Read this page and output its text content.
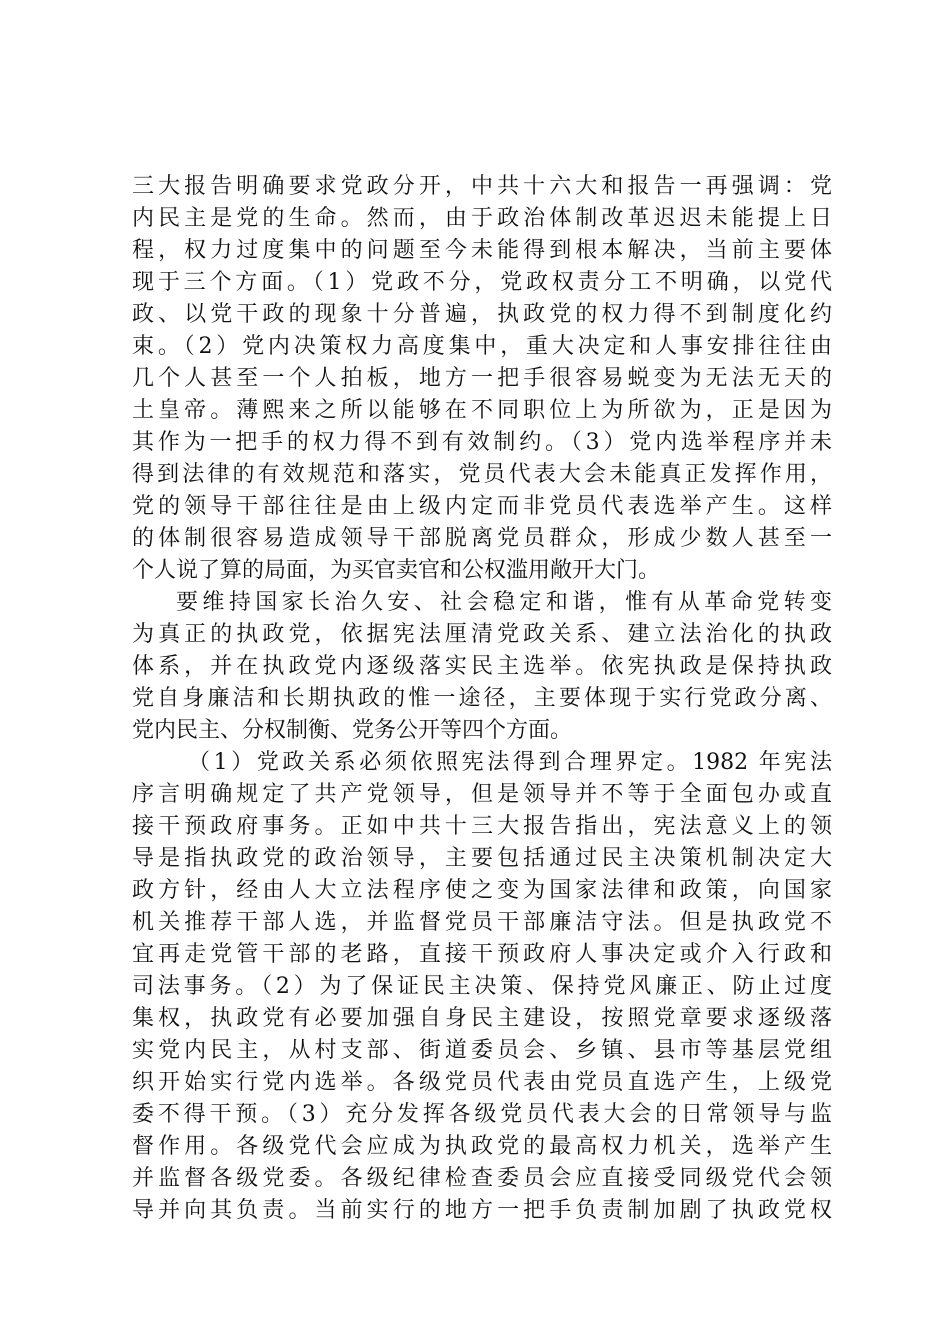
三大报告明确要求党政分开，中共十六大和报告一再强调：党
内民主是党的生命。然而，由于政治体制改革迟迟未能提上日
程，权力过度集中的问题至今未能得到根本解决，当前主要体
现于三个方面。（1）党政不分，党政权责分工不明确，以党代
政、以党干政的现象十分普遍，执政党的权力得不到制度化约
束。（2）党内决策权力高度集中，重大决定和人事安排往往由
几个人甚至一个人拍板，地方一把手很容易蜕变为无法无天的
土皇帝。薄熙来之所以能够在不同职位上为所欲为，正是因为
其作为一把手的权力得不到有效制约。（3）党内选举程序并未
得到法律的有效规范和落实，党员代表大会未能真正发挥作用，
党的领导干部往往是由上级内定而非党员代表选举产生。这样
的体制很容易造成领导干部脱离党员群众，形成少数人甚至一
个人说了算的局面，为买官卖官和公权滥用敞开大门。
要维持国家长治久安、社会稳定和谐，惟有从革命党转变
为真正的执政党，依据宪法厘清党政关系、建立法治化的执政
体系，并在执政党内逐级落实民主选举。依宪执政是保持执政
党自身廉洁和长期执政的惟一途径，主要体现于实行党政分离、
党内民主、分权制衡、党务公开等四个方面。
（1）党政关系必须依照宪法得到合理界定。1982 年宪法
序言明确规定了共产党领导，但是领导并不等于全面包办或直
接干预政府事务。正如中共十三大报告指出，宪法意义上的领
导是指执政党的政治领导，主要包括通过民主决策机制决定大
政方针，经由人大立法程序使之变为国家法律和政策，向国家
机关推荐干部人选，并监督党员干部廉洁守法。但是执政党不
宜再走党管干部的老路，直接干预政府人事决定或介入行政和
司法事务。（2）为了保证民主决策、保持党风廉正、防止过度
集权，执政党有必要加强自身民主建设，按照党章要求逐级落
实党内民主，从村支部、街道委员会、乡镇、县市等基层党组
织开始实行党内选举。各级党员代表由党员直选产生，上级党
委不得干预。（3）充分发挥各级党员代表大会的日常领导与监
督作用。各级党代会应成为执政党的最高权力机关，选举产生
并监督各级党委。各级纪律检查委员会应直接受同级党代会领
导并向其负责。当前实行的地方一把手负责制加剧了执政党权
